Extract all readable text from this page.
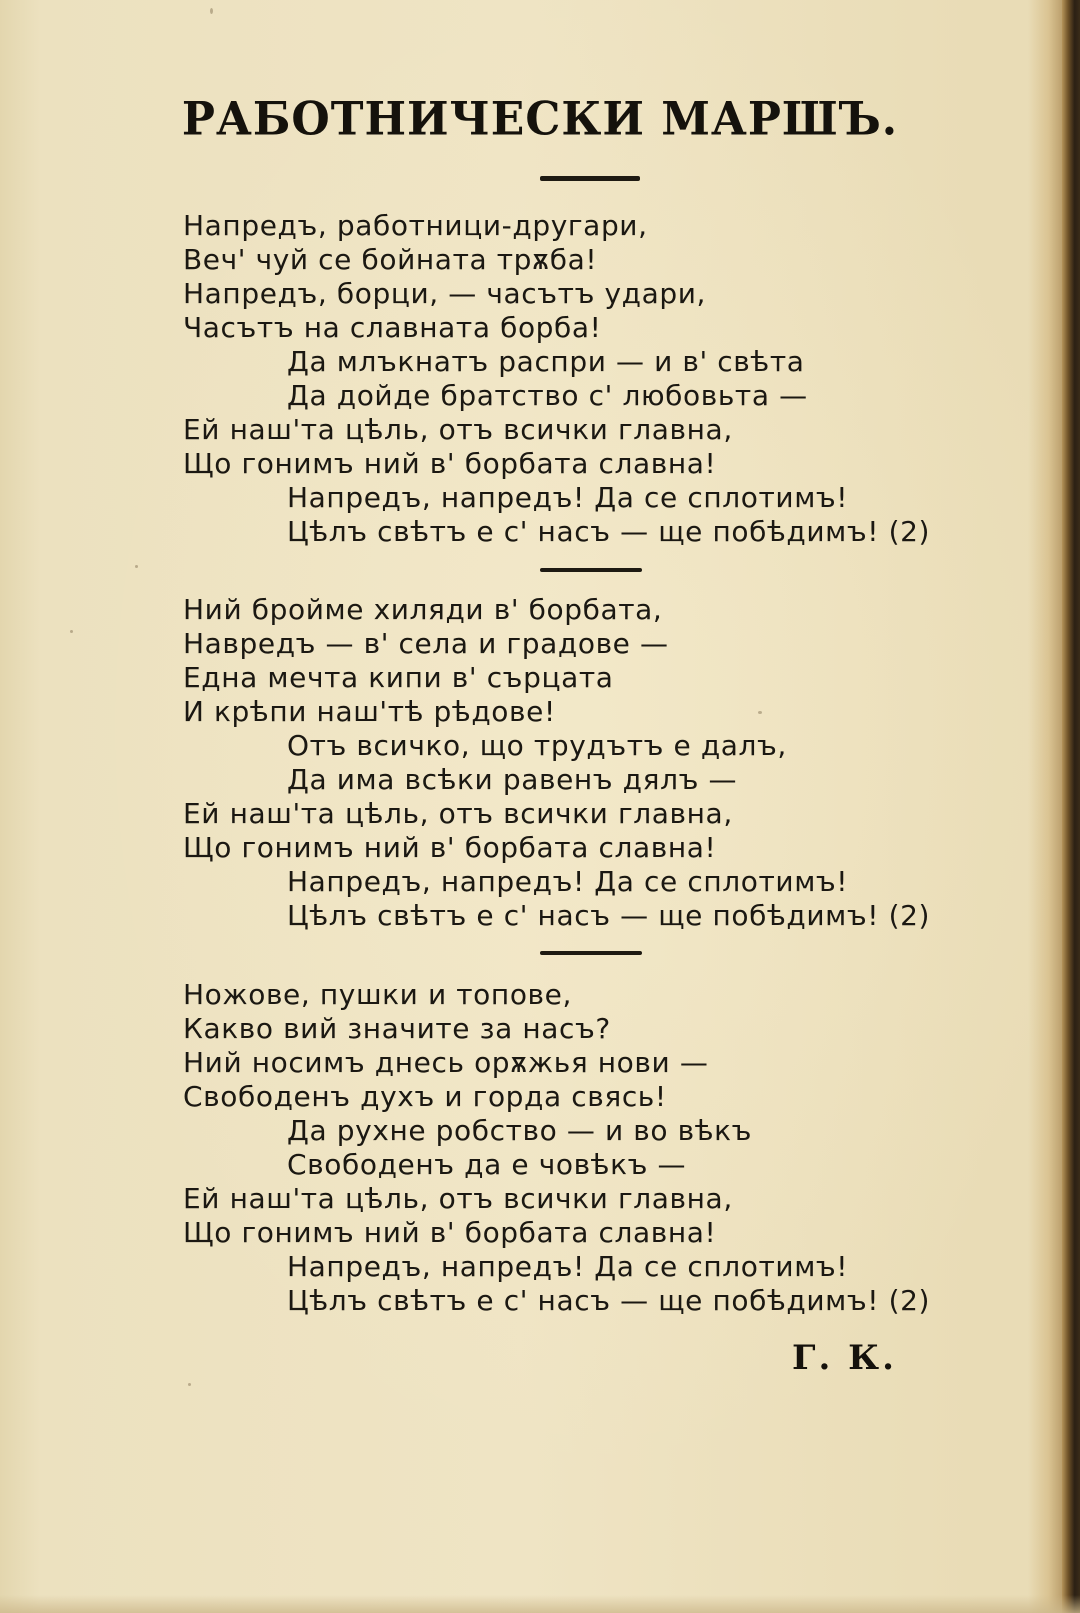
РАБОТНИЧЕСКИ МАРШЪ.
Напредъ, работници-другари,
Веч' чуй се бойната трѫба!
Напредъ, борци, — часътъ удари,
Часътъ на славната борба!
Да млъкнатъ распри — и в' свѣта
Да дойде братство с' любовьта —
Ей наш'та цѣль, отъ всички главна,
Що гонимъ ний в' борбата славна!
Напредъ, напредъ! Да се сплотимъ!
Цѣлъ свѣтъ е с' насъ — ще побѣдимъ! (2)
Ний бройме хиляди в' борбата,
Навредъ — в' села и градове —
Една мечта кипи в' сърцата
И крѣпи наш'тѣ рѣдове!
Отъ всичко, що трудътъ е далъ,
Да има всѣки равенъ дялъ —
Ей наш'та цѣль, отъ всички главна,
Що гонимъ ний в' борбата славна!
Напредъ, напредъ! Да се сплотимъ!
Цѣлъ свѣтъ е с' насъ — ще побѣдимъ! (2)
Ножове, пушки и топове,
Какво вий значите за насъ?
Ний носимъ днесь орѫжья нови —
Свободенъ духъ и горда свясь!
Да рухне робство — и во вѣкъ
Свободенъ да е човѣкъ —
Ей наш'та цѣль, отъ всички главна,
Що гонимъ ний в' борбата славна!
Напредъ, напредъ! Да се сплотимъ!
Цѣлъ свѣтъ е с' насъ — ще побѣдимъ! (2)
Г. К.
